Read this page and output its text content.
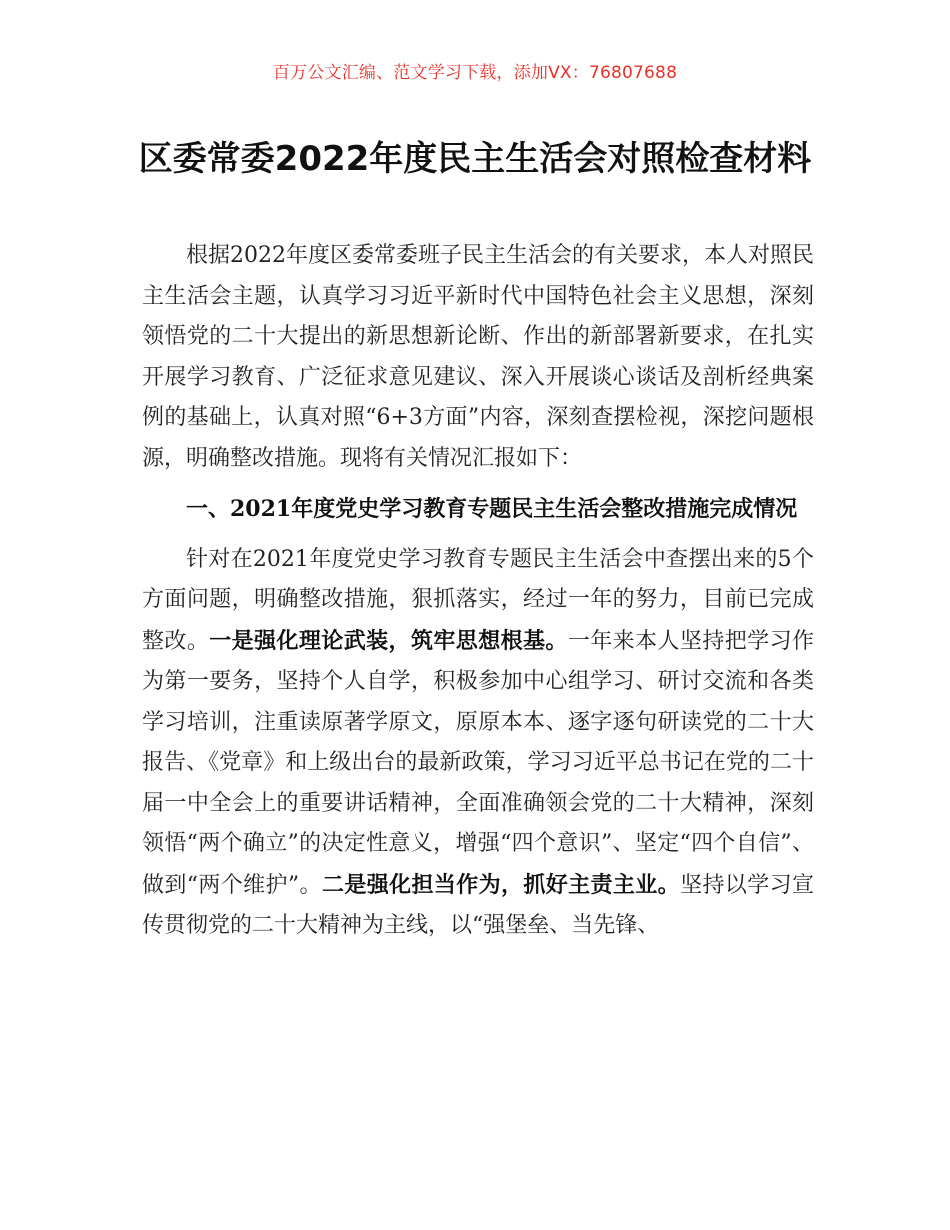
百万公文汇编、范文学习下载，添加VX：76807688
区委常委2022年度民主生活会对照检查材料

根据2022年度区委常委班子民主生活会的有关要求，本人对照民主生活会主题，认真学习习近平新时代中国特色社会主义思想，深刻领悟党的二十大提出的新思想新论断、作出的新部署新要求，在扎实开展学习教育、广泛征求意见建议、深入开展谈心谈话及剖析经典案例的基础上，认真对照“6+3方面”内容，深刻查摆检视，深挖问题根源，明确整改措施。现将有关情况汇报如下：

一、2021年度党史学习教育专题民主生活会整改措施完成情况

针对在2021年度党史学习教育专题民主生活会中查摆出来的5个方面问题，明确整改措施，狠抓落实，经过一年的努力，目前已完成整改。一是强化理论武装，筑牢思想根基。一年来本人坚持把学习作为第一要务，坚持个人自学，积极参加中心组学习、研讨交流和各类学习培训，注重读原著学原文，原原本本、逐字逐句研读党的二十大报告、《党章》和上级出台的最新政策，学习习近平总书记在党的二十届一中全会上的重要讲话精神，全面准确领会党的二十大精神，深刻领悟“两个确立”的决定性意义，增强“四个意识”、坚定“四个自信”、做到“两个维护”。二是强化担当作为，抓好主责主业。坚持以学习宣传贯彻党的二十大精神为主线，以“强堡垒、当先锋、
